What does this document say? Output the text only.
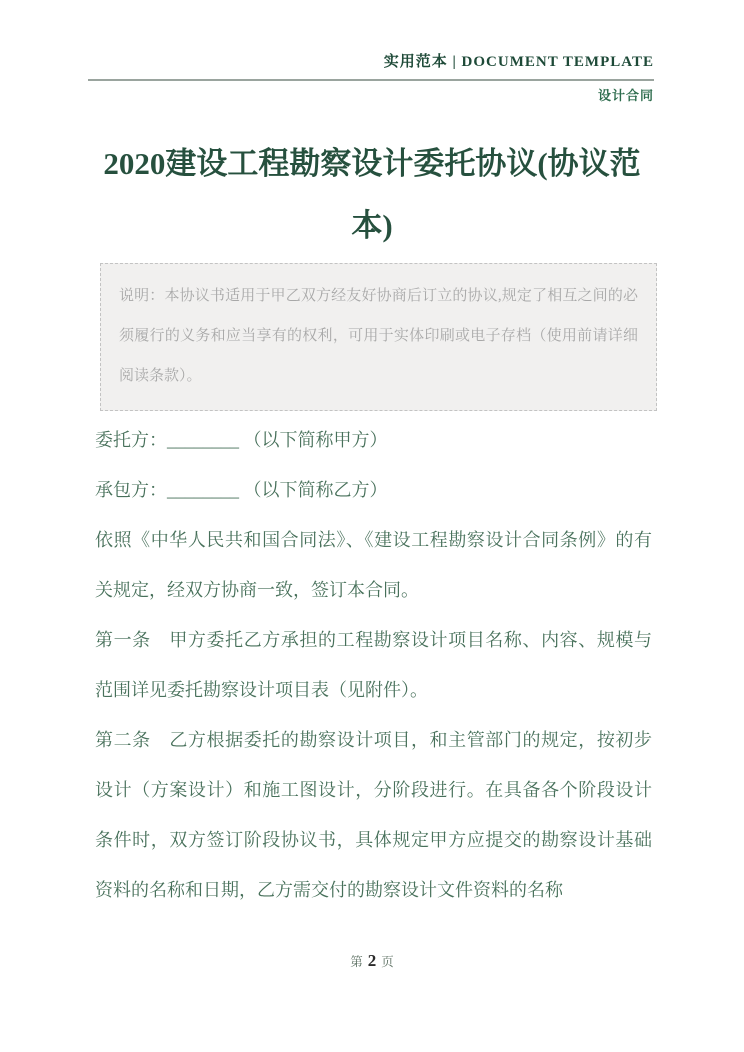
实用范本 | DOCUMENT TEMPLATE
设计合同
2020建设工程勘察设计委托协议(协议范本)
说明：本协议书适用于甲乙双方经友好协商后订立的协议,规定了相互之间的必须履行的义务和应当享有的权利，可用于实体印刷或电子存档（使用前请详细阅读条款）。

委托方：________ （以下简称甲方）

承包方：________ （以下简称乙方）

依照《中华人民共和国合同法》、《建设工程勘察设计合同条例》的有关规定，经双方协商一致，签订本合同。

第一条　甲方委托乙方承担的工程勘察设计项目名称、内容、规模与范围详见委托勘察设计项目表（见附件）。

第二条　乙方根据委托的勘察设计项目，和主管部门的规定，按初步设计（方案设计）和施工图设计，分阶段进行。在具备各个阶段设计条件时，双方签订阶段协议书，具体规定甲方应提交的勘察设计基础资料的名称和日期，乙方需交付的勘察设计文件资料的名称

第 2 页
